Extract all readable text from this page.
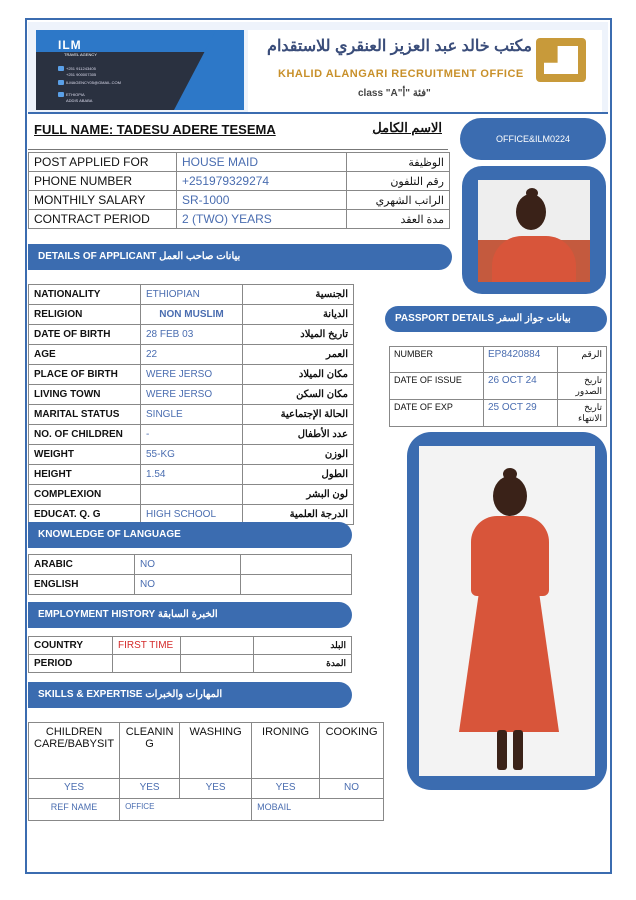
ILM
TRAVEL AGENCY
+251 911243405
+251 900007305
ILMAGENCY05@GMAIL.COM
ETHIOPIA
ADDIS ABABA
مكتب خالد عبد العزيز العنقري للاستقدام
KHALID ALANGARI RECRUITMENT OFFICE
class "A"فئة "أ"
FULL NAME: TADESU ADERE TESEMA	الاسم الكامل
OFFICE&ILM0224
POST APPLIED FOR	HOUSE MAID	الوظيفة
PHONE NUMBER	+251979329274	رقم التلفون
MONTHILY SALARY	SR-1000	الراتب الشهري
CONTRACT PERIOD	2 (TWO) YEARS	مدة العقد
DETAILS OF APPLICANT بيانات صاحب العمل
NATIONALITY	ETHIOPIAN	الجنسية
RELIGION	NON MUSLIM	الديانة
DATE OF BIRTH	28 FEB 03	تاريخ الميلاد
AGE	22	العمر
PLACE OF BIRTH	WERE JERSO	مكان الميلاد
LIVING TOWN	WERE JERSO	مكان السكن
MARITAL STATUS	SINGLE	الحالة الإجتماعية
NO. OF CHILDREN	-	عدد الأطفال
WEIGHT	55-KG	الوزن
HEIGHT	1.54	الطول
COMPLEXION		لون البشر
EDUCAT. Q. G	HIGH SCHOOL	الدرجة العلمية
PASSPORT DETAILS بيانات جواز السفر
NUMBER	EP8420884	الرقم
DATE OF ISSUE	26 OCT 24	تاريخ الصدور
DATE OF EXP	25 OCT 29	تاريخ الانتهاء
KNOWLEDGE OF LANGUAGE
ARABIC	NO	
ENGLISH	NO	
EMPLOYMENT HISTORY الخبرة السابقة
COUNTRY	FIRST TIME		البلد
PERIOD			المدة
SKILLS & EXPERTISE المهارات والخبرات
CHILDREN CARE/BABYSIT	CLEANIN G	WASHING	IRONING	COOKING
YES	YES	YES	YES	NO
REF NAME	OFFICE		MOBAIL	
